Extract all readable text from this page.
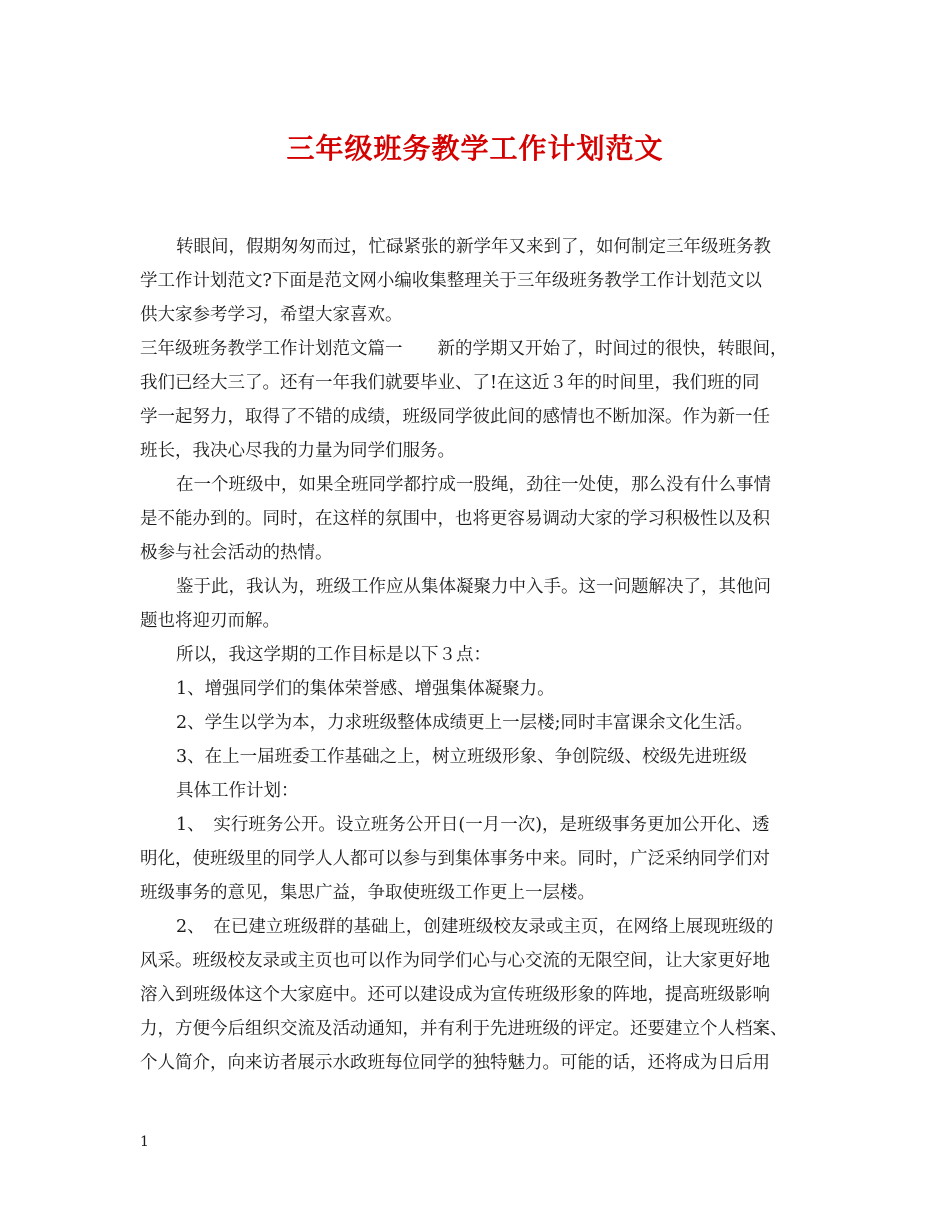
三年级班务教学工作计划范文
转眼间，假期匆匆而过，忙碌紧张的新学年又来到了，如何制定三年级班务教
学工作计划范文?下面是范文网小编收集整理关于三年级班务教学工作计划范文以
供大家参考学习，希望大家喜欢。
三年级班务教学工作计划范文篇一　　新的学期又开始了，时间过的很快，转眼间，
我们已经大三了。还有一年我们就要毕业、了!在这近３年的时间里，我们班的同
学一起努力，取得了不错的成绩，班级同学彼此间的感情也不断加深。作为新一任
班长，我决心尽我的力量为同学们服务。
在一个班级中，如果全班同学都拧成一股绳，劲往一处使，那么没有什么事情
是不能办到的。同时，在这样的氛围中，也将更容易调动大家的学习积极性以及积
极参与社会活动的热情。
鉴于此，我认为，班级工作应从集体凝聚力中入手。这一问题解决了，其他问
题也将迎刃而解。
所以，我这学期的工作目标是以下３点：
1、增强同学们的集体荣誉感、增强集体凝聚力。
2、学生以学为本，力求班级整体成绩更上一层楼;同时丰富课余文化生活。
3、在上一届班委工作基础之上，树立班级形象、争创院级、校级先进班级
具体工作计划：
1、　实行班务公开。设立班务公开日(一月一次)，是班级事务更加公开化、透
明化，使班级里的同学人人都可以参与到集体事务中来。同时，广泛采纳同学们对
班级事务的意见，集思广益，争取使班级工作更上一层楼。
2、　在已建立班级群的基础上，创建班级校友录或主页，在网络上展现班级的
风采。班级校友录或主页也可以作为同学们心与心交流的无限空间，让大家更好地
溶入到班级体这个大家庭中。还可以建设成为宣传班级形象的阵地，提高班级影响
力，方便今后组织交流及活动通知，并有利于先进班级的评定。还要建立个人档案、
个人简介，向来访者展示水政班每位同学的独特魅力。可能的话，还将成为日后用
1
